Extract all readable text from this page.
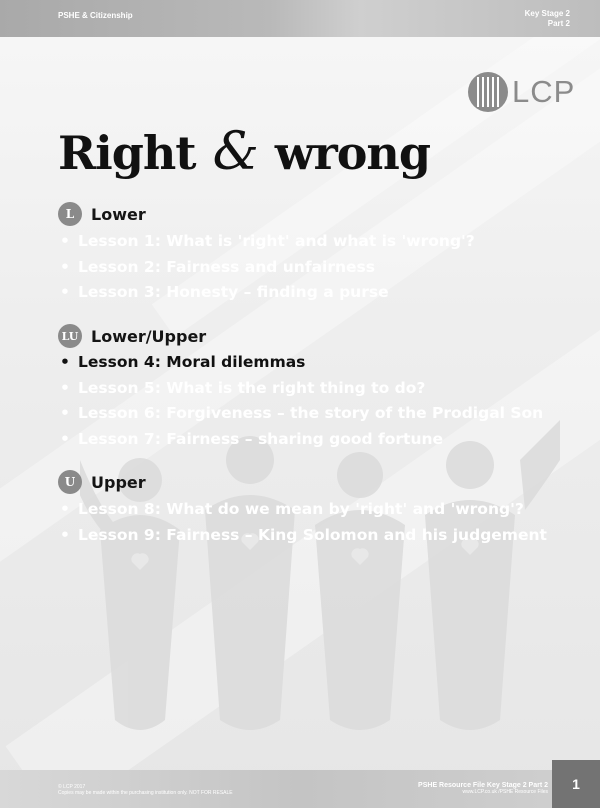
PSHE & Citizenship	Key Stage 2
Part 2
LCP
Right & wrong
L	Lower
• Lesson 1: What is 'right' and what is 'wrong'?
• Lesson 2: Fairness and unfairness
• Lesson 3: Honesty – finding a purse
LU Lower/Upper
• Lesson 4: Moral dilemmas
• Lesson 5: What is the right thing to do?
• Lesson 6: Forgiveness – the story of the Prodigal Son
• Lesson 7: Fairness – sharing good fortune
U Upper
• Lesson 8: What do we mean by 'right' and 'wrong'?
• Lesson 9: Fairness – King Solomon and his judgement
© LCP 2017
Copies may be made within the purchasing institution only. NOT FOR RESALE
PSHE Resource File Key Stage 2 Part 2
www.LCP.co.uk /PSHE Resource Files	1
